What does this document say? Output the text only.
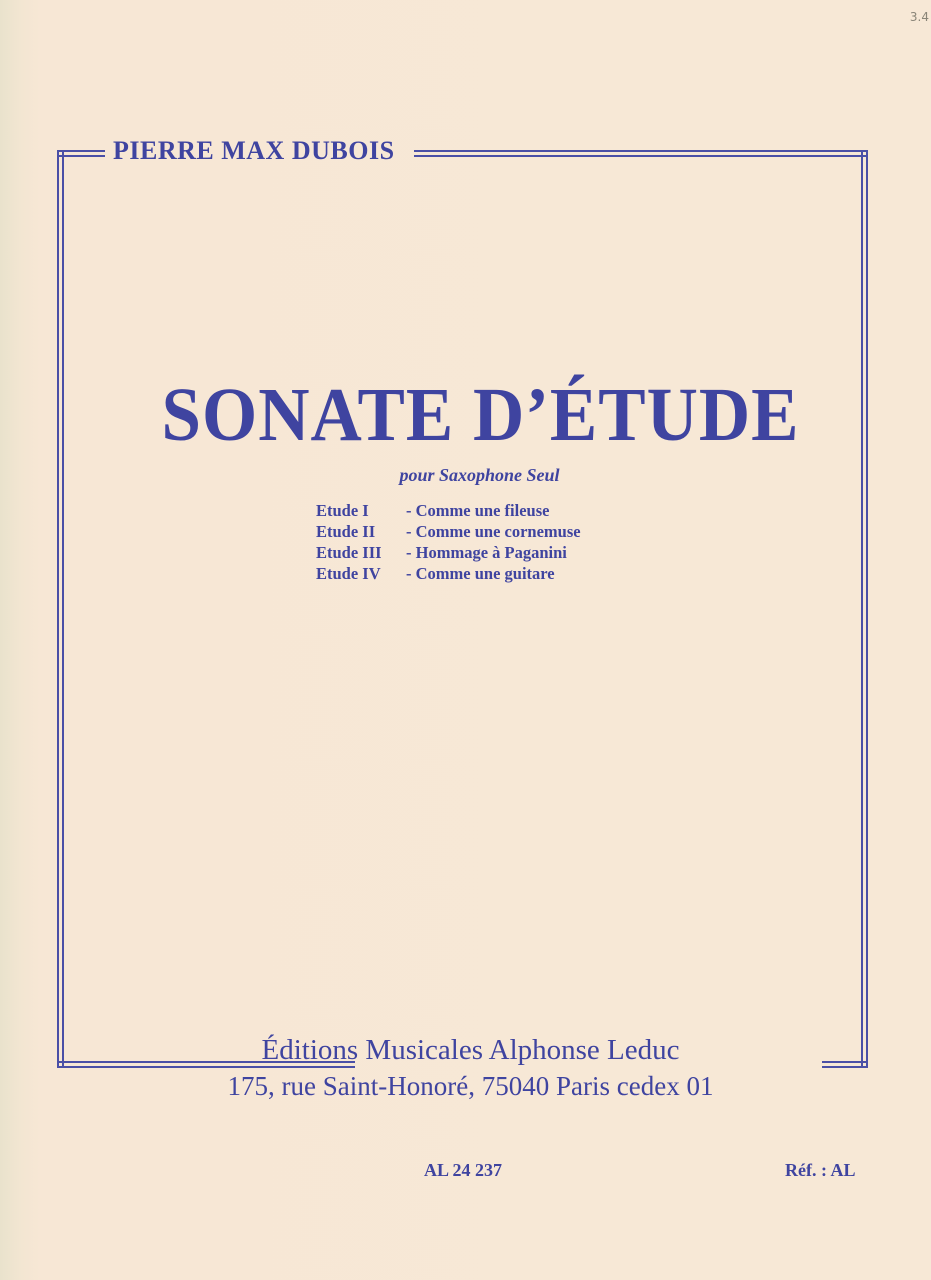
3.4
PIERRE MAX DUBOIS
SONATE D’ÉTUDE
pour Saxophone Seul
Etude I - Comme une fileuse
Etude II - Comme une cornemuse
Etude III - Hommage à Paganini
Etude IV - Comme une guitare
Éditions Musicales Alphonse Leduc
175, rue Saint-Honoré, 75040 Paris cedex 01
AL 24 237	Réf. : AL
